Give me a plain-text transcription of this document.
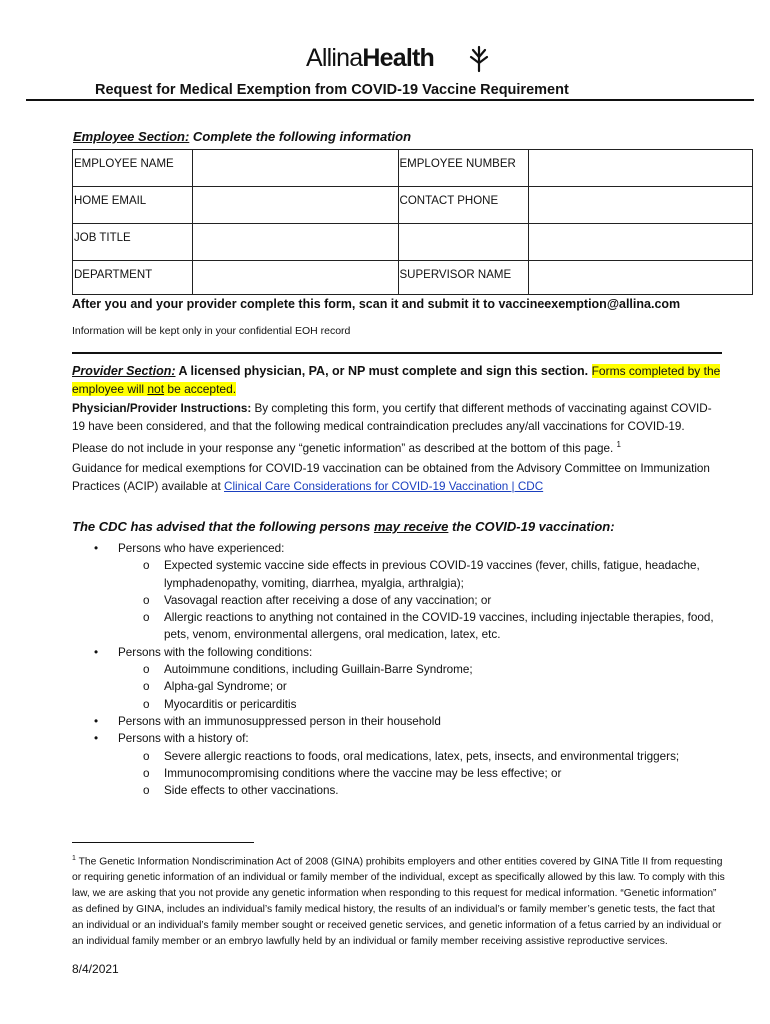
AllinaHealth
Request for Medical Exemption from COVID-19 Vaccine Requirement
Employee Section: Complete the following information
EMPLOYEE NAME		EMPLOYEE NUMBER	
HOME EMAIL		CONTACT PHONE	
JOB TITLE			
DEPARTMENT		SUPERVISOR NAME	
After you and your provider complete this form, scan it and submit it to vaccineexemption@allina.com
Information will be kept only in your confidential EOH record
Provider Section: A licensed physician, PA, or NP must complete and sign this section. Forms completed by the employee will not be accepted.
Physician/Provider Instructions: By completing this form, you certify that different methods of vaccinating against COVID-19 have been considered, and that the following medical contraindication precludes any/all vaccinations for COVID-19. Please do not include in your response any “genetic information” as described at the bottom of this page. $^1$
Guidance for medical exemptions for COVID-19 vaccination can be obtained from the Advisory Committee on Immunization Practices (ACIP) available at Clinical Care Considerations for COVID-19 Vaccination | CDC
The CDC has advised that the following persons may receive the COVID-19 vaccination:
• Persons who have experienced:
o Expected systemic vaccine side effects in previous COVID-19 vaccines (fever, chills, fatigue, headache, lymphadenopathy, vomiting, diarrhea, myalgia, arthralgia);
o Vasovagal reaction after receiving a dose of any vaccination; or
o Allergic reactions to anything not contained in the COVID-19 vaccines, including injectable therapies, food, pets, venom, environmental allergens, oral medication, latex, etc.
• Persons with the following conditions:
o Autoimmune conditions, including Guillain-Barre Syndrome;
o Alpha-gal Syndrome; or
o Myocarditis or pericarditis
• Persons with an immunosuppressed person in their household
• Persons with a history of:
o Severe allergic reactions to foods, oral medications, latex, pets, insects, and environmental triggers;
o Immunocompromising conditions where the vaccine may be less effective; or
o Side effects to other vaccinations.
$^1$ The Genetic Information Nondiscrimination Act of 2008 (GINA) prohibits employers and other entities covered by GINA Title II from requesting or requiring genetic information of an individual or family member of the individual, except as specifically allowed by this law. To comply with this law, we are asking that you not provide any genetic information when responding to this request for medical information. “Genetic information” as defined by GINA, includes an individual’s family medical history, the results of an individual’s or family member’s genetic tests, the fact that an individual or an individual’s family member sought or received genetic services, and genetic information of a fetus carried by an individual or an individual family member or an embryo lawfully held by an individual or family member receiving assistive reproductive services.
8/4/2021
